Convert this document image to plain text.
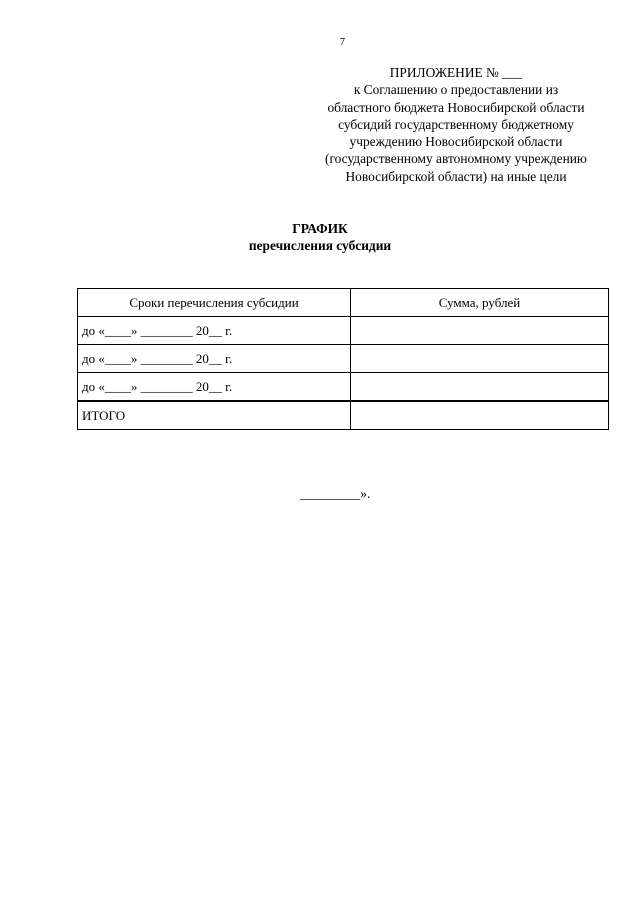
7
ПРИЛОЖЕНИЕ № ___
к Соглашению о предоставлении из
областного бюджета Новосибирской области
субсидий государственному бюджетному
учреждению Новосибирской области
(государственному автономному учреждению
Новосибирской области) на иные цели
ГРАФИК
перечисления субсидии
Сроки перечисления субсидии	Сумма, рублей
до «____» ________ 20__ г.	
до «____» ________ 20__ г.	
до «____» ________ 20__ г.	
ИТОГО	
_________».
